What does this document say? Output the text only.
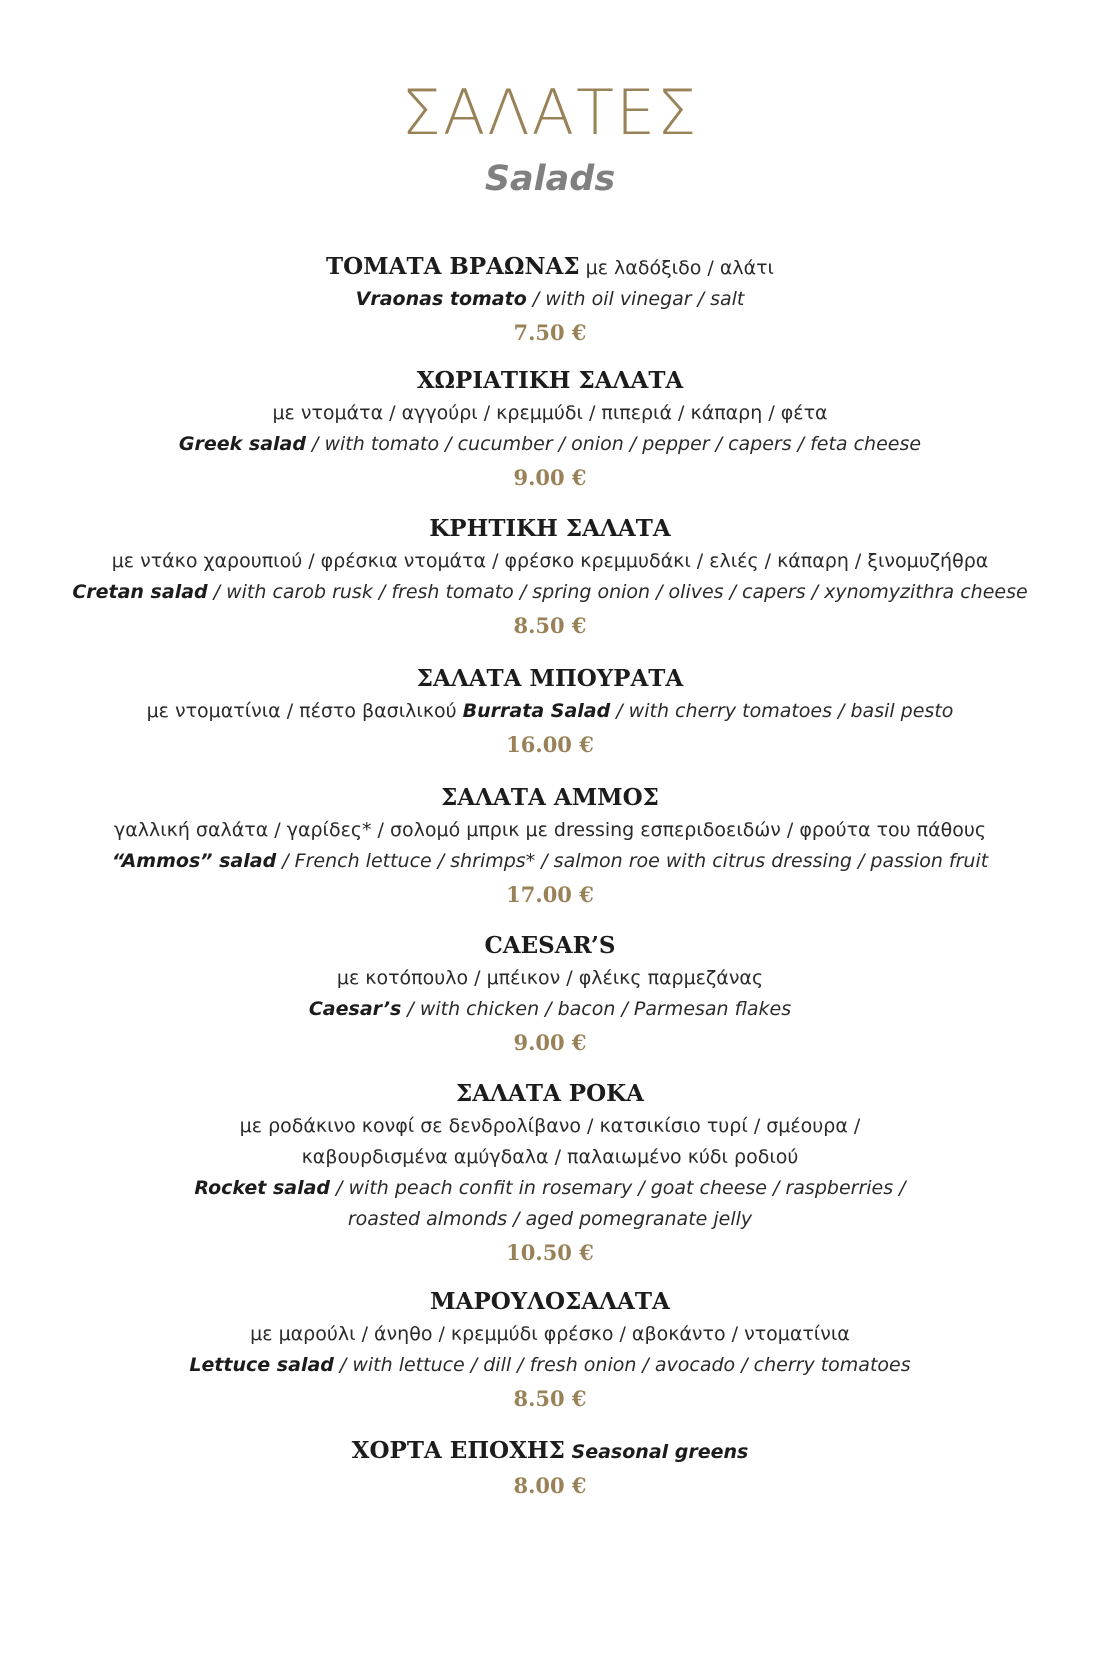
ΣΑΛΑΤΕΣ
Salads
ΤΟΜΑΤΑ ΒΡΑΩΝΑΣ με λαδόξιδο / αλάτι
Vraonas tomato / with oil vinegar / salt
7.50 €
ΧΩΡΙΑΤΙΚΗ ΣΑΛΑΤΑ
με ντομάτα / αγγούρι / κρεμμύδι / πιπεριά / κάπαρη / φέτα
Greek salad / with tomato / cucumber / onion / pepper / capers / feta cheese
9.00 €
ΚΡΗΤΙΚΗ ΣΑΛΑΤΑ
με ντάκο χαρουπιού / φρέσκια ντομάτα / φρέσκο κρεμμυδάκι / ελιές / κάπαρη / ξινομυζήθρα
Cretan salad / with carob rusk / fresh tomato / spring onion / olives / capers / xynomyzithra cheese
8.50 €
ΣΑΛΑΤΑ ΜΠΟΥΡΑΤΑ
με ντοματίνια / πέστο βασιλικού Burrata Salad / with cherry tomatoes / basil pesto
16.00 €
ΣΑΛΑΤΑ ΑΜΜΟΣ
γαλλική σαλάτα / γαρίδες* / σολομό μπρικ με dressing εσπεριδοειδών / φρούτα του πάθους
“Ammos” salad / French lettuce / shrimps* / salmon roe with citrus dressing / passion fruit
17.00 €
CAESAR’S
με κοτόπουλο / μπέικον / φλέικς παρμεζάνας
Caesar’s / with chicken / bacon / Parmesan flakes
9.00 €
ΣΑΛΑΤΑ ΡΟΚΑ
με ροδάκινο κονφί σε δενδρολίβανο / κατσικίσιο τυρί / σμέουρα /
καβουρδισμένα αμύγδαλα / παλαιωμένο κύδι ροδιού
Rocket salad / with peach confit in rosemary / goat cheese / raspberries /
roasted almonds / aged pomegranate jelly
10.50 €
ΜΑΡΟΥΛΟΣΑΛΑΤΑ
με μαρούλι / άνηθο / κρεμμύδι φρέσκο / αβοκάντο / ντοματίνια
Lettuce salad / with lettuce / dill / fresh onion / avocado / cherry tomatoes
8.50 €
ΧΟΡΤΑ ΕΠΟΧΗΣ Seasonal greens
8.00 €
